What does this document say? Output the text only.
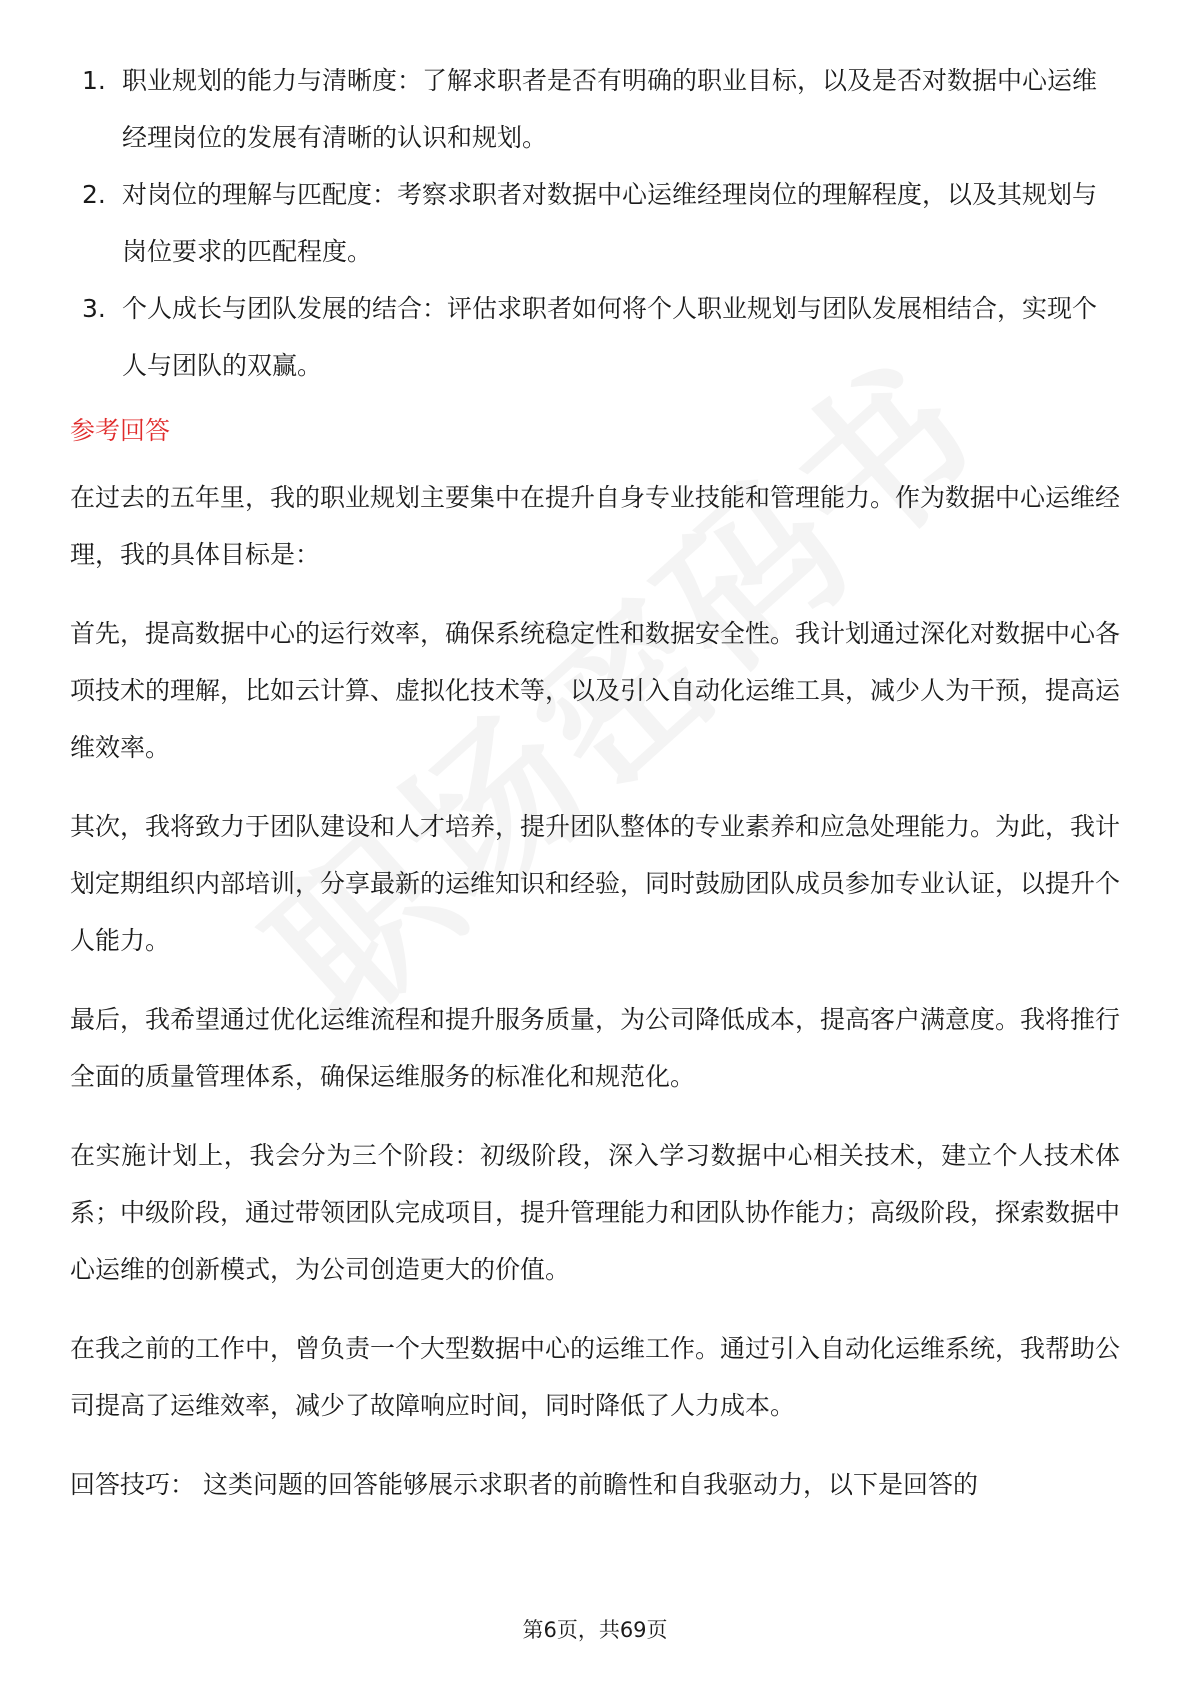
1. 职业规划的能力与清晰度：了解求职者是否有明确的职业目标，以及是否对数据中心运维经理岗位的发展有清晰的认识和规划。
2. 对岗位的理解与匹配度：考察求职者对数据中心运维经理岗位的理解程度，以及其规划与岗位要求的匹配程度。
3. 个人成长与团队发展的结合：评估求职者如何将个人职业规划与团队发展相结合，实现个人与团队的双赢。
参考回答

在过去的五年里，我的职业规划主要集中在提升自身专业技能和管理能力。作为数据中心运维经理，我的具体目标是：

首先，提高数据中心的运行效率，确保系统稳定性和数据安全性。我计划通过深化对数据中心各项技术的理解，比如云计算、虚拟化技术等，以及引入自动化运维工具，减少人为干预，提高运维效率。

其次，我将致力于团队建设和人才培养，提升团队整体的专业素养和应急处理能力。为此，我计划定期组织内部培训，分享最新的运维知识和经验，同时鼓励团队成员参加专业认证，以提升个人能力。

最后，我希望通过优化运维流程和提升服务质量，为公司降低成本，提高客户满意度。我将推行全面的质量管理体系，确保运维服务的标准化和规范化。

在实施计划上，我会分为三个阶段：初级阶段，深入学习数据中心相关技术，建立个人技术体系；中级阶段，通过带领团队完成项目，提升管理能力和团队协作能力；高级阶段，探索数据中心运维的创新模式，为公司创造更大的价值。

在我之前的工作中，曾负责一个大型数据中心的运维工作。通过引入自动化运维系统，我帮助公司提高了运维效率，减少了故障响应时间，同时降低了人力成本。

回答技巧： 这类问题的回答能够展示求职者的前瞻性和自我驱动力，以下是回答的

第6页，共69页
